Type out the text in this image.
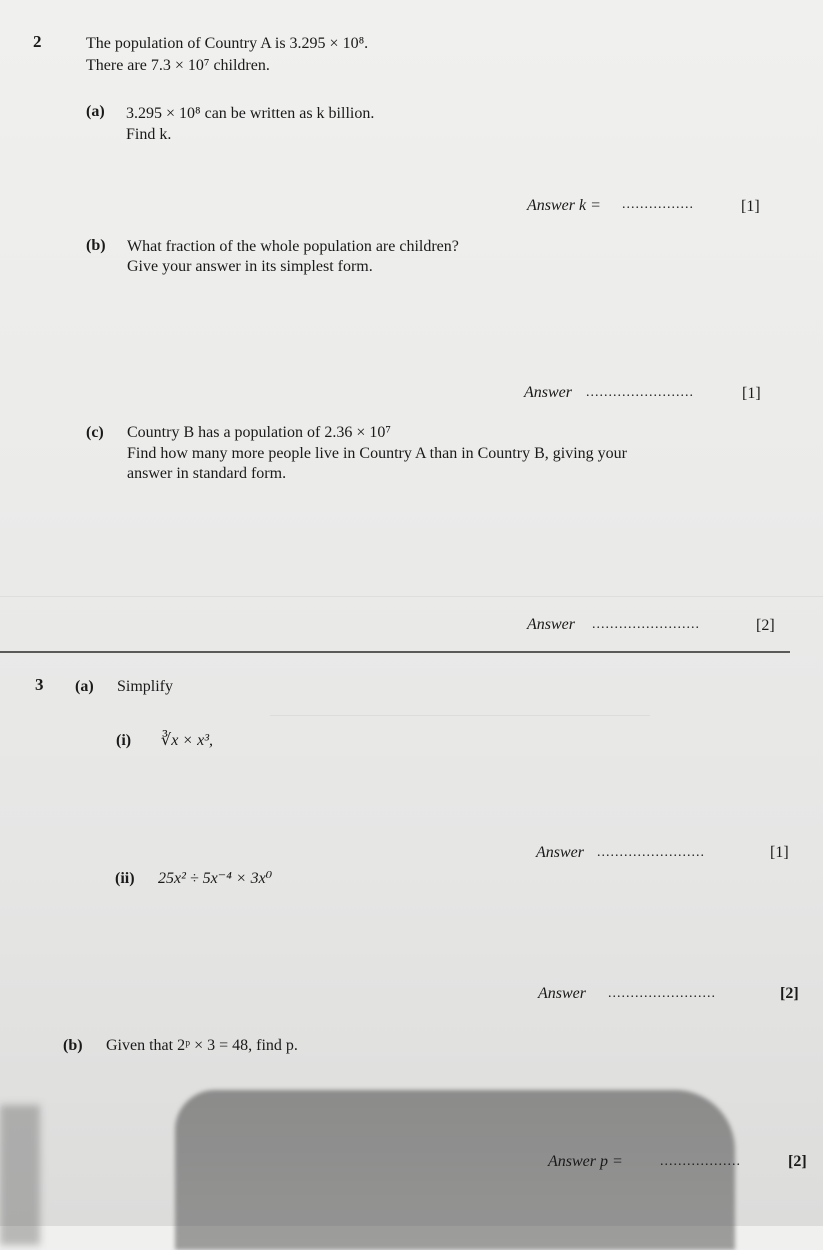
2	The population of Country A is 3.295 × 10⁸.
There are 7.3 × 10⁷ children.
(a) 3.295 × 10⁸ can be written as k billion.
Find k.
Answer k = ................	[1]
(b) What fraction of the whole population are children?
Give your answer in its simplest form.
Answer ........................	[1]
(c) Country B has a population of 2.36 × 10⁷
Find how many more people live in Country A than in Country B, giving your
answer in standard form.
Answer ........................	[2]
3 (a) Simplify
(i) ∛x × x³,
Answer ........................	[1]
(ii) 25x² ÷ 5x⁻⁴ × 3x⁰
Answer ........................	[2]
(b) Given that 2ᵖ × 3 = 48, find p.
Answer p =	..................	[2]
